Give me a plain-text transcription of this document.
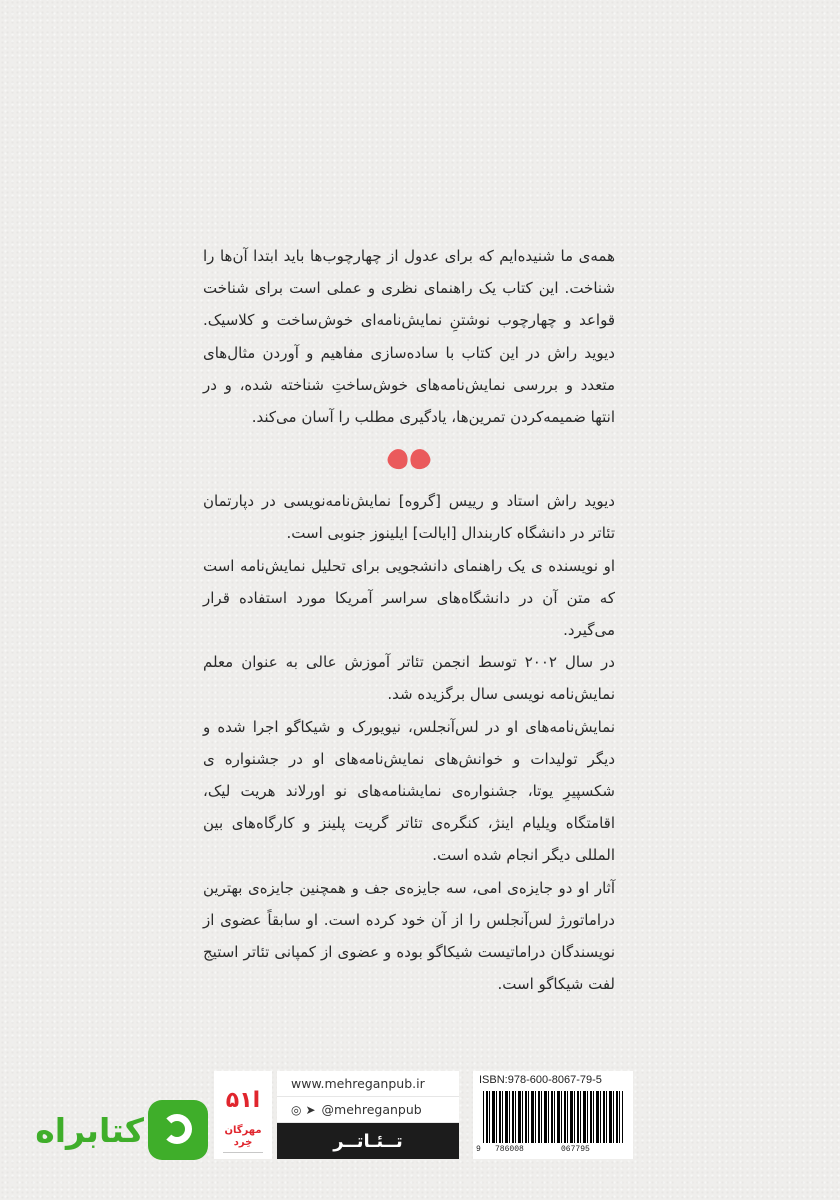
همه‌ی ما شنیده‌ایم که برای عدول از چهارچوب‌ها باید ابتدا آن‌ها را شناخت. این کتاب یک راهنمای نظری و عملی است برای شناخت قواعد و چهارچوب نوشتنِ نمایش‌نامه‌ای خوش‌ساخت و کلاسیک. دیوید راش در این کتاب با ساده‌سازی مفاهیم و آوردن مثال‌های متعدد و بررسی نمایش‌نامه‌های خوش‌ساختِ شناخته شده، و در انتها ضمیمه‌کردن تمرین‌ها، یادگیری مطلب را آسان می‌کند.

دیوید راش استاد و رییس [گروه] نمایش‌نامه‌نویسی در دپارتمان تئاتر در دانشگاه کاربندال [ایالت] ایلینوز جنوبی است.

او نویسنده ی یک راهنمای دانشجویی برای تحلیل نمایش‌نامه است که متن آن در دانشگاه‌های سراسر آمریکا مورد استفاده قرار می‌گیرد.

در سال ۲۰۰۲ توسط انجمن تئاتر آموزش عالی به عنوان معلم نمایش‌نامه نویسی سال برگزیده شد.

نمایش‌نامه‌های او در لس‌آنجلس، نیویورک و شیکاگو اجرا شده و دیگر تولیدات و خوانش‌های نمایش‌نامه‌های او در جشنواره ی شکسپیرِ یوتا، جشنواره‌ی نمایشنامه‌های نو اورلاند هریت لیک، اقامتگاه ویلیام اینژ، کنگره‌ی تئاتر گریت پلینز و کارگاه‌های بین المللی دیگر انجام شده است.

آثار او دو جایزه‌ی امی، سه جایزه‌ی جف و همچنین جایزه‌ی بهترین دراماتورژ لس‌آنجلس را از آن خود کرده است. او سابقاً عضوی از نویسندگان دراماتیست شیکاگو بوده و عضوی از کمپانی تئاتر استیج لفت شیکاگو است.

کتابراه
ا۵۱
مهرگان خِرد
www.mehreganpub.ir
◎ ➤ @mehreganpub
تــئـاتــر
ISBN:978-600-8067-79-5
9 786008	067795
